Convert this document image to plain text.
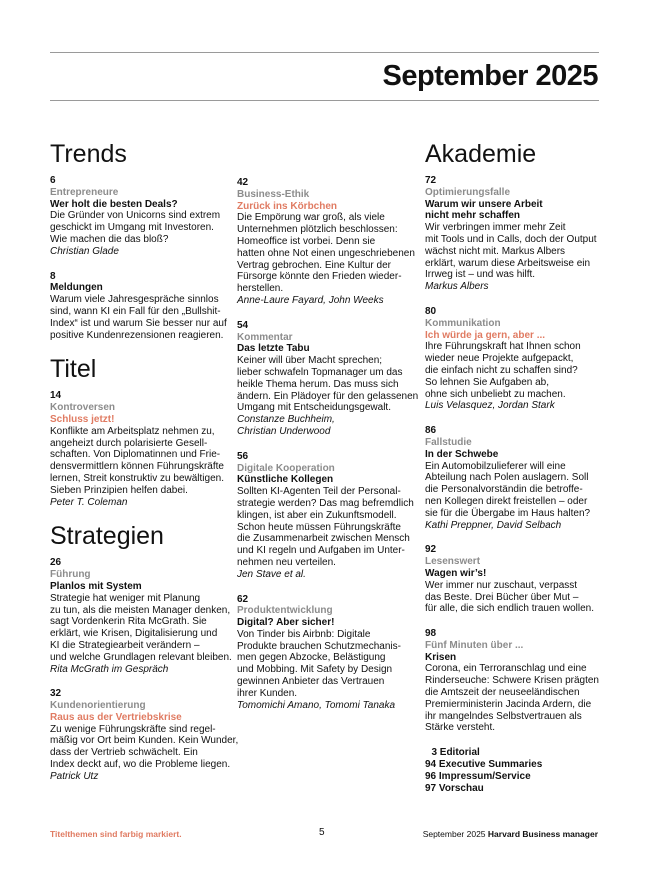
September 2025
Trends
6
Entrepreneure
Wer holt die besten Deals?
Die Gründer von Unicorns sind extrem
geschickt im Umgang mit Investoren.
Wie machen die das bloß?
Christian Glade
8
Meldungen
Warum viele Jahresgespräche sinnlos
sind, wann KI ein Fall für den „Bullshit-
Index“ ist und warum Sie besser nur auf
positive Kundenrezensionen reagieren.
Titel
14
Kontroversen
Schluss jetzt!
Konflikte am Arbeitsplatz nehmen zu,
angeheizt durch polarisierte Gesell-
schaften. Von Diplomatinnen und Frie-
densvermittlern können Führungskräfte
lernen, Streit konstruktiv zu bewältigen.
Sieben Prinzipien helfen dabei.
Peter T. Coleman
Strategien
26
Führung
Planlos mit System
Strategie hat weniger mit Planung
zu tun, als die meisten Manager denken,
sagt Vordenkerin Rita McGrath. Sie
erklärt, wie Krisen, Digitalisierung und
KI die Strategiearbeit verändern –
und welche Grundlagen relevant bleiben.
Rita McGrath im Gespräch
32
Kundenorientierung
Raus aus der Vertriebskrise
Zu wenige Führungskräfte sind regel-
mäßig vor Ort beim Kunden. Kein Wunder,
dass der Vertrieb schwächelt. Ein
Index deckt auf, wo die Probleme liegen.
Patrick Utz
42
Business-Ethik
Zurück ins Körbchen
Die Empörung war groß, als viele
Unternehmen plötzlich beschlossen:
Homeoffice ist vorbei. Denn sie
hatten ohne Not einen ungeschriebenen
Vertrag gebrochen. Eine Kultur der
Fürsorge könnte den Frieden wieder-
herstellen.
Anne-Laure Fayard, John Weeks
54
Kommentar
Das letzte Tabu
Keiner will über Macht sprechen;
lieber schwafeln Topmanager um das
heikle Thema herum. Das muss sich
ändern. Ein Plädoyer für den gelassenen
Umgang mit Entscheidungsgewalt.
Constanze Buchheim,
Christian Underwood
56
Digitale Kooperation
Künstliche Kollegen
Sollten KI-Agenten Teil der Personal-
strategie werden? Das mag befremdlich
klingen, ist aber ein Zukunftsmodell.
Schon heute müssen Führungskräfte
die Zusammenarbeit zwischen Mensch
und KI regeln und Aufgaben im Unter-
nehmen neu verteilen.
Jen Stave et al.
62
Produktentwicklung
Digital? Aber sicher!
Von Tinder bis Airbnb: Digitale
Produkte brauchen Schutzmechanis-
men gegen Abzocke, Belästigung
und Mobbing. Mit Safety by Design
gewinnen Anbieter das Vertrauen
ihrer Kunden.
Tomomichi Amano, Tomomi Tanaka
Akademie
72
Optimierungsfalle
Warum wir unsere Arbeit
nicht mehr schaffen
Wir verbringen immer mehr Zeit
mit Tools und in Calls, doch der Output
wächst nicht mit. Markus Albers
erklärt, warum diese Arbeitsweise ein
Irrweg ist – und was hilft.
Markus Albers
80
Kommunikation
Ich würde ja gern, aber ...
Ihre Führungskraft hat Ihnen schon
wieder neue Projekte aufgepackt,
die einfach nicht zu schaffen sind?
So lehnen Sie Aufgaben ab,
ohne sich unbeliebt zu machen.
Luis Velasquez, Jordan Stark
86
Fallstudie
In der Schwebe
Ein Automobilzulieferer will eine
Abteilung nach Polen auslagern. Soll
die Personalvorständin die betroffe-
nen Kollegen direkt freistellen – oder
sie für die Übergabe im Haus halten?
Kathi Preppner, David Selbach
92
Lesenswert
Wagen wir’s!
Wer immer nur zuschaut, verpasst
das Beste. Drei Bücher über Mut –
für alle, die sich endlich trauen wollen.
98
Fünf Minuten über ...
Krisen
Corona, ein Terroranschlag und eine
Rinderseuche: Schwere Krisen prägten
die Amtszeit der neuseeländischen
Premierministerin Jacinda Ardern, die
ihr mangelndes Selbstvertrauen als
Stärke versteht.
3 Editorial
94 Executive Summaries
96 Impressum/Service
97 Vorschau
Titelthemen sind farbig markiert.	5	September 2025 Harvard Business manager
